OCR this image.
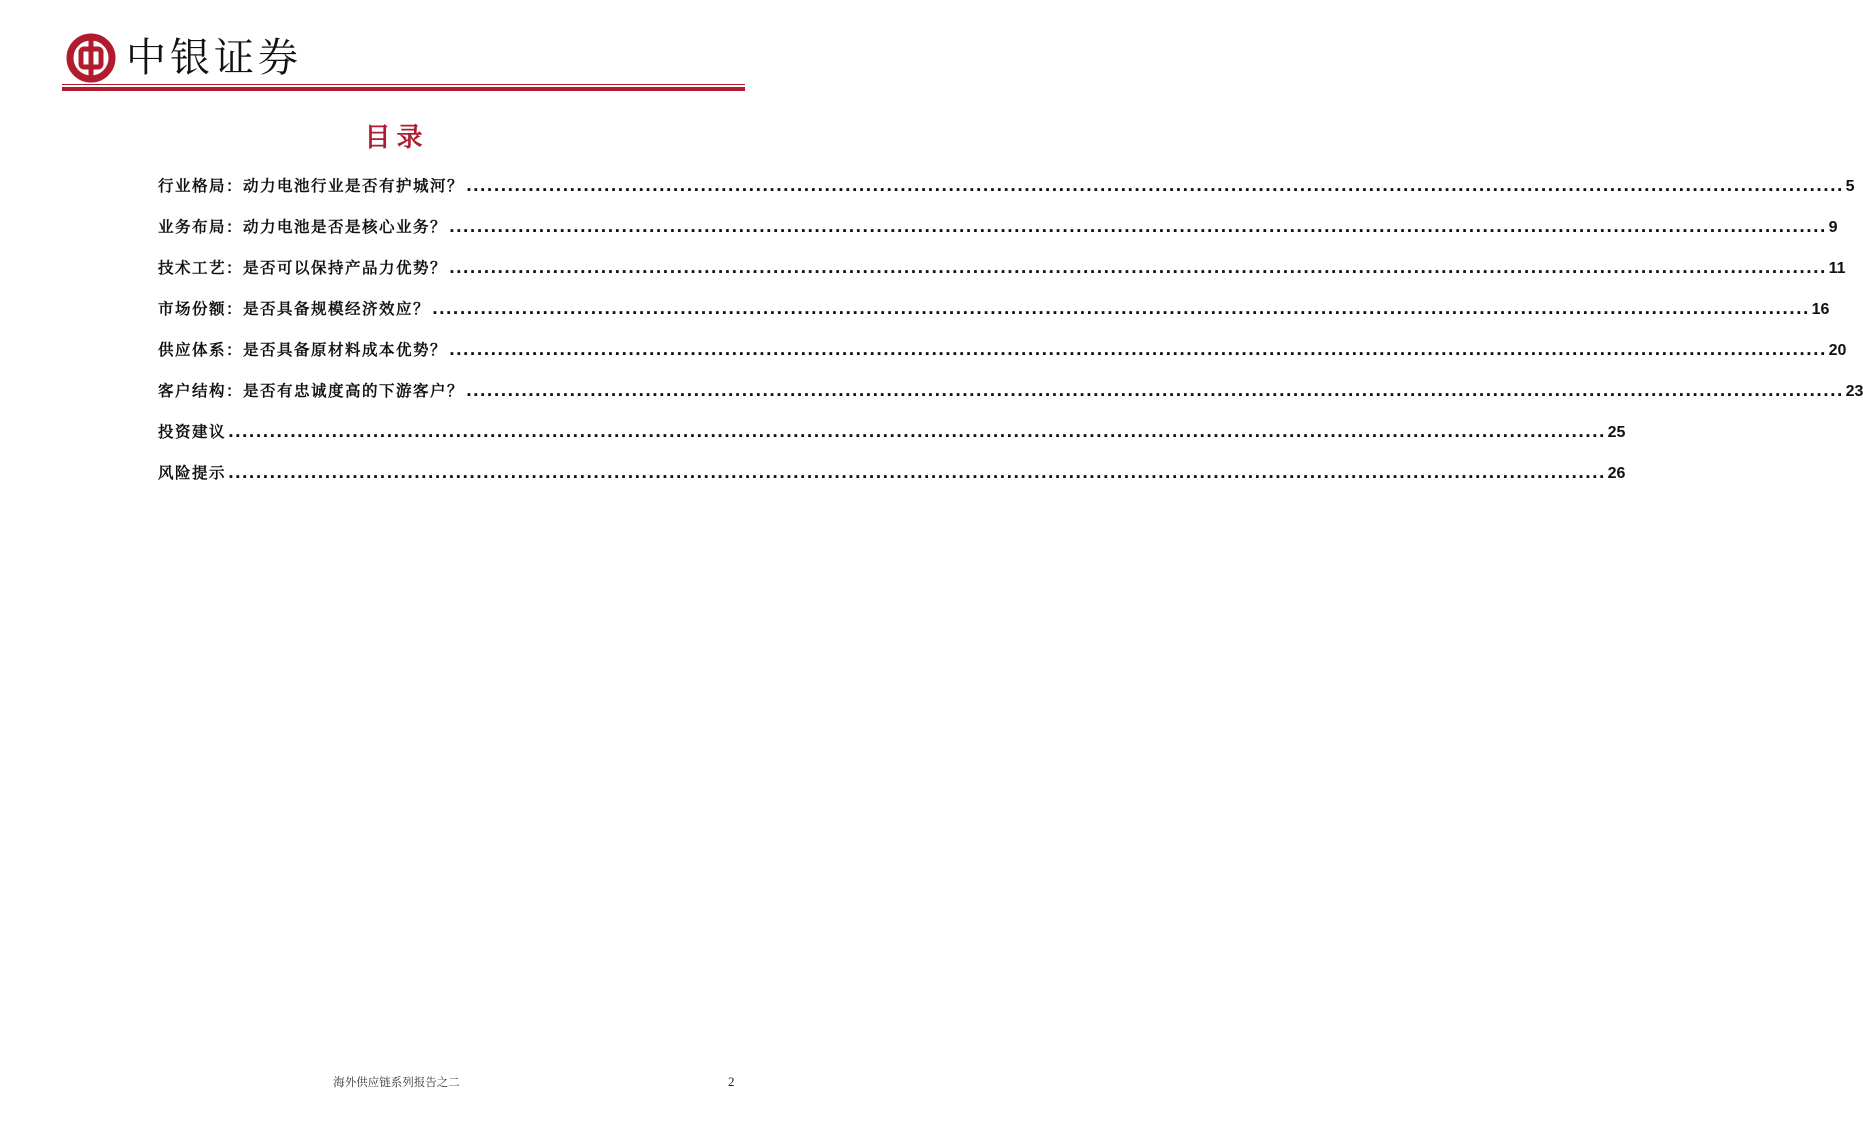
中银证券
目录
行业格局：动力电池行业是否有护城河？ ........................................................................................................................................................................................................ 5
业务布局：动力电池是否是核心业务？ ........................................................................................................................................................................................................ 9
技术工艺：是否可以保持产品力优势？ ........................................................................................................................................................................................................ 11
市场份额：是否具备规模经济效应？ ........................................................................................................................................................................................................ 16
供应体系：是否具备原材料成本优势？ ........................................................................................................................................................................................................ 20
客户结构：是否有忠诚度高的下游客户？ ........................................................................................................................................................................................................ 23
投资建议 ........................................................................................................................................................................................................ 25
风险提示 ........................................................................................................................................................................................................ 26
海外供应链系列报告之二	2
